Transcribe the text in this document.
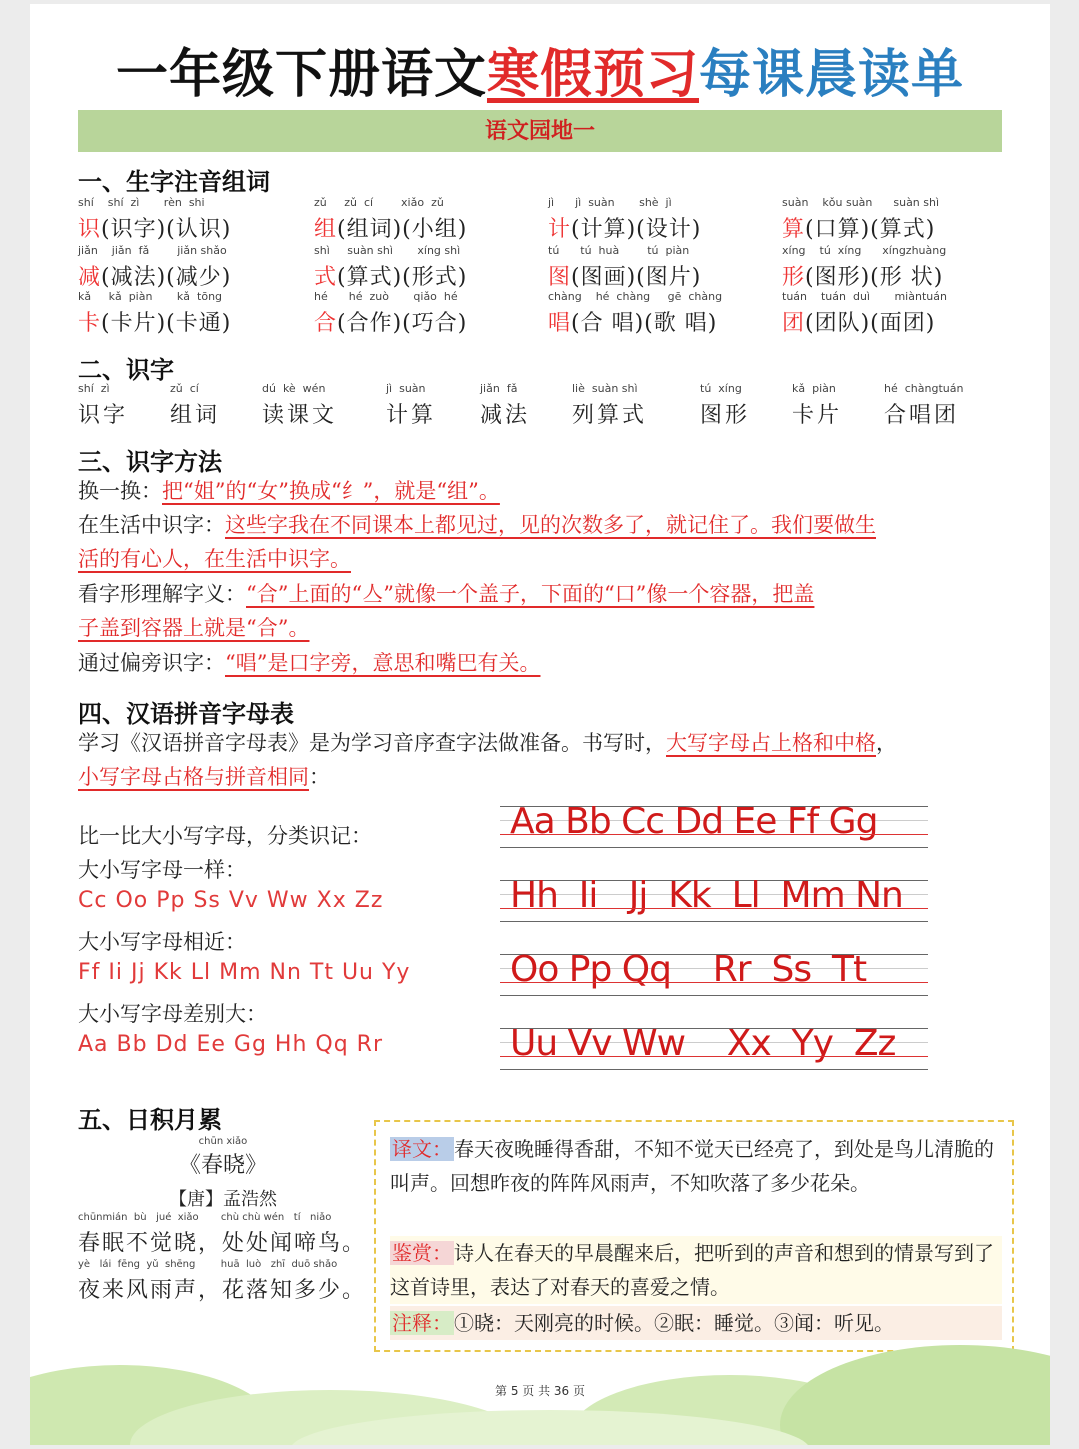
一年级下册语文寒假预习每课晨读单
语文园地一
一、生字注音组词
shí    shí  zì       rèn  shi
识(识字)(认识)
zǔ     zǔ  cí        xiǎo  zǔ
组(组词)(小组)
jì      jì  suàn       shè  jì
计(计算)(设计)
suàn    kǒu suàn      suàn shì
算(口算)(算式)
jiǎn    jiǎn  fǎ        jiǎn shǎo
减(减法)(减少)
shì     suàn shì       xíng shì
式(算式)(形式)
tú      tú  huà        tú  piàn
图(图画)(图片)
xíng    tú  xíng      xíngzhuàng
形(图形)(形 状)
kǎ     kǎ  piàn       kǎ  tōng
卡(卡片)(卡通)
hé      hé  zuò       qiǎo  hé
合(合作)(巧合)
chàng    hé  chàng     gē  chàng
唱(合 唱)(歌 唱)
tuán    tuán  duì       miàntuán
团(团队)(面团)
二、识字
shí  zì
识字
zǔ  cí
组词
dú  kè  wén
读课文
jì  suàn
计算
jiǎn  fǎ
减法
liè  suàn shì
列算式
tú  xíng
图形
kǎ  piàn
卡片
hé  chàngtuán
合唱团
三、识字方法
换一换：把“姐”的“女”换成“纟”，就是“组”。
在生活中识字：这些字我在不同课本上都见过，见的次数多了，就记住了。我们要做生
活的有心人，在生活中识字。
看字形理解字义：“合”上面的“亼”就像一个盖子，下面的“口”像一个容器，把盖
子盖到容器上就是“合”。
通过偏旁识字：“唱”是口字旁，意思和嘴巴有关。
四、汉语拼音字母表
学习《汉语拼音字母表》是为学习音序查字法做准备。书写时，大写字母占上格和中格，
小写字母占格与拼音相同：
比一比大小写字母，分类识记：
大小写字母一样：
Cc Oo Pp Ss Vv Ww Xx Zz
大小写字母相近：
Ff Ii Jj Kk Ll Mm Nn Tt Uu Yy
大小写字母差别大：
Aa Bb Dd Ee Gg Hh Qq Rr
Aa Bb Cc Dd Ee Ff Gg
Hh  Ii   Jj  Kk  Ll  Mm Nn
Oo Pp Qq    Rr  Ss  Tt
Uu Vv Ww    Xx  Yy  Zz
五、日积月累
chūn xiǎo
《春晓》
【唐】孟浩然
chūnmián  bù   jué  xiǎo       chù chù wén   tí   niǎo
春眠不觉晓，处处闻啼鸟。
yè   lái  fēng  yǔ  shēng        huā  luò   zhī  duō shǎo
夜来风雨声，花落知多少。

译文： 春天夜晚睡得香甜，不知不觉天已经亮了，到处是鸟儿清脆的叫声。回想昨夜的阵阵风雨声，不知吹落了多少花朵。

鉴赏： 诗人在春天的早晨醒来后，把听到的声音和想到的情景写到了这首诗里，表达了对春天的喜爱之情。

注释： ①晓：天刚亮的时候。②眠：睡觉。③闻：听见。

第 5 页 共 36 页
